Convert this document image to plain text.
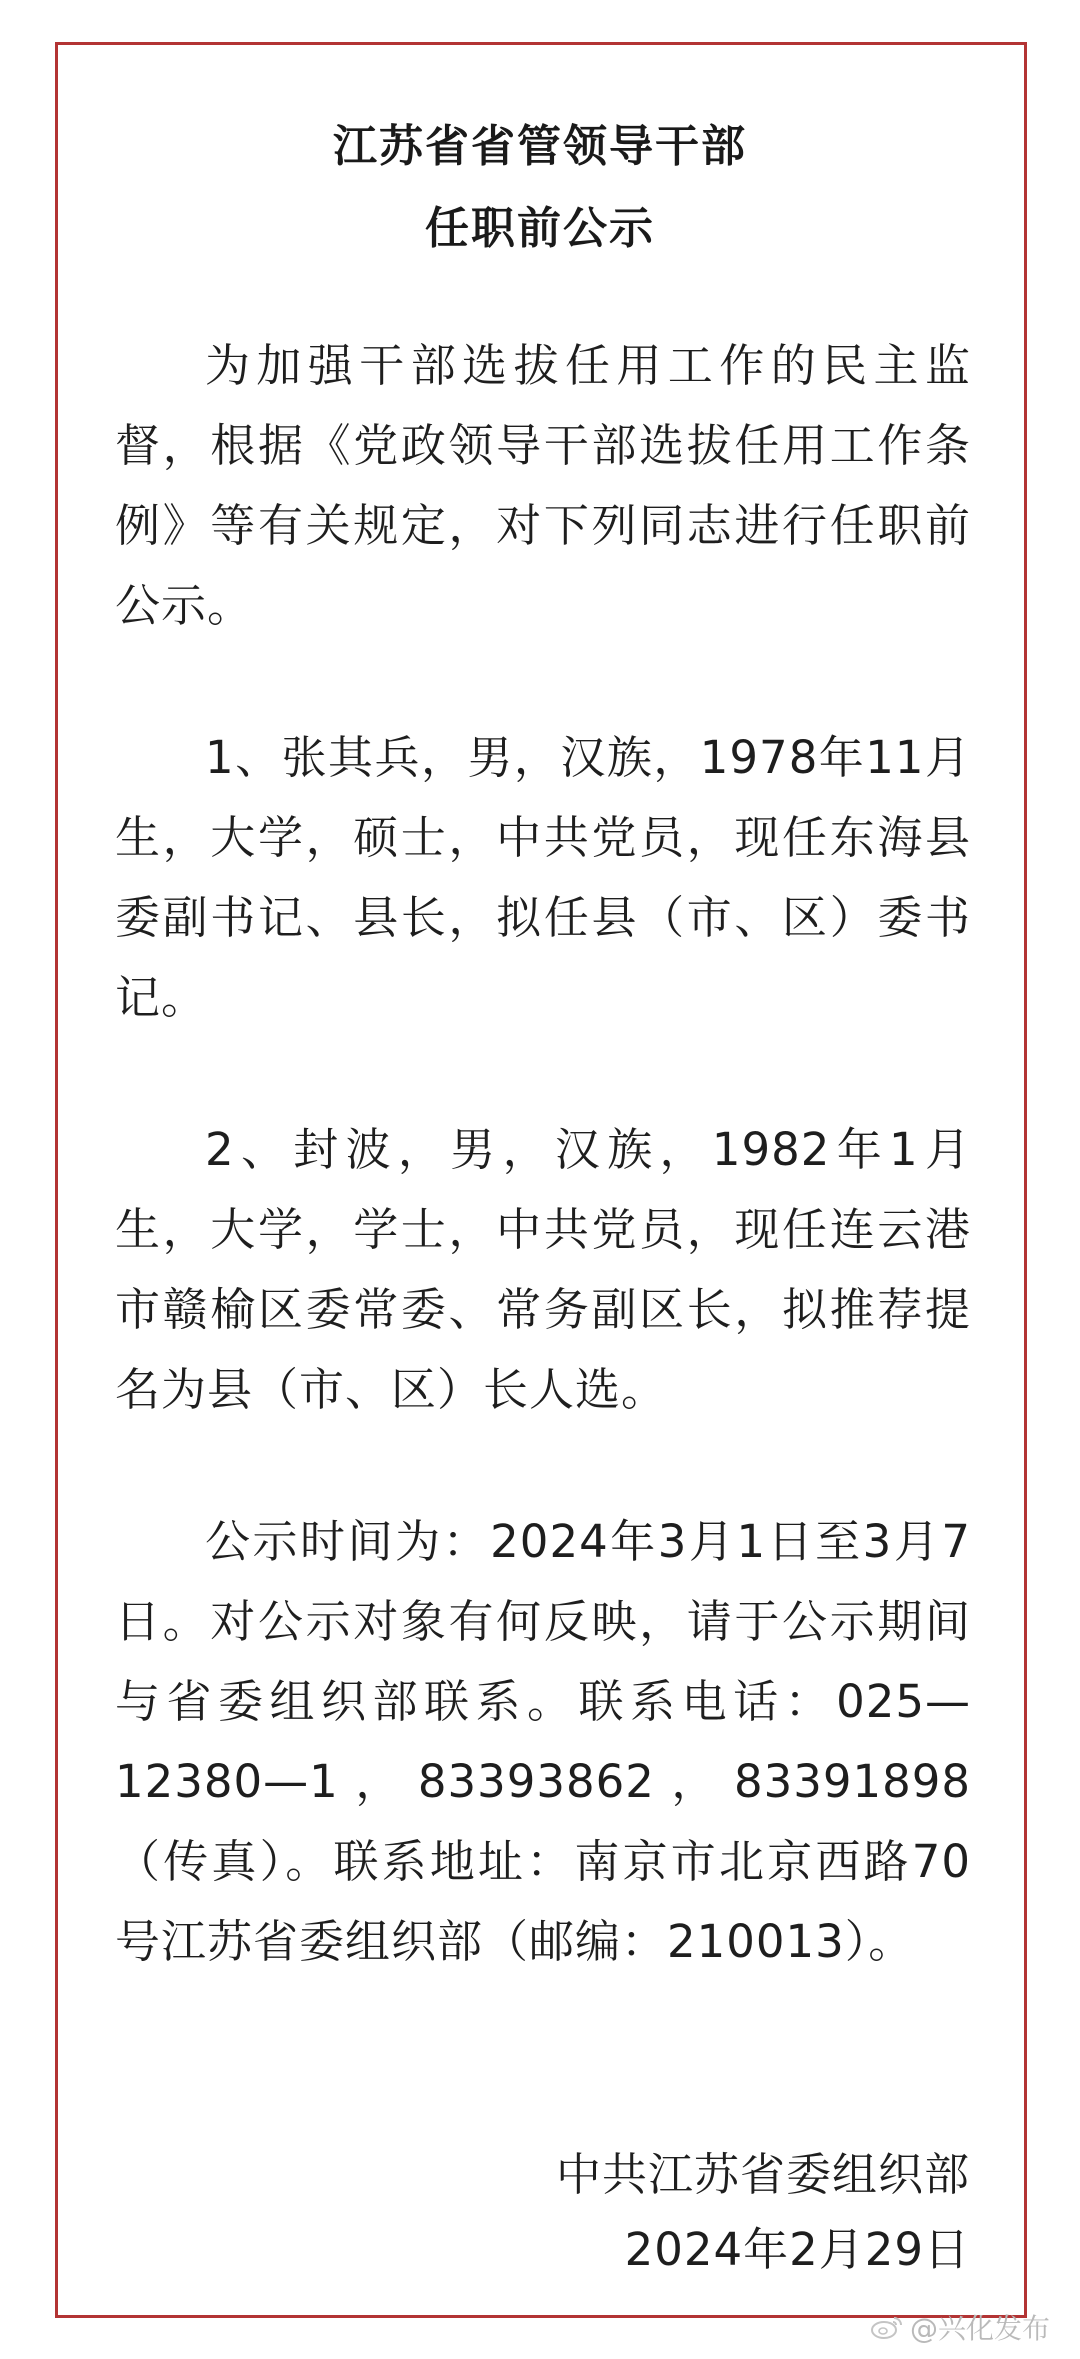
江苏省省管领导干部
任职前公示

为加强干部选拔任用工作的民主监督，根据《党政领导干部选拔任用工作条例》等有关规定，对下列同志进行任职前公示。

1、张其兵，男，汉族，1978年11月生，大学，硕士，中共党员，现任东海县委副书记、县长，拟任县（市、区）委书记。

2、封波，男，汉族，1982年1月生，大学，学士，中共党员，现任连云港市赣榆区委常委、常务副区长，拟推荐提名为县（市、区）长人选。

公示时间为：2024年3月1日至3月7日。对公示对象有何反映，请于公示期间与省委组织部联系。联系电话：025—12380—1，83393862，83391898（传真）。联系地址：南京市北京西路70号江苏省委组织部（邮编：210013）。

中共江苏省委组织部
2024年2月29日
@兴化发布
